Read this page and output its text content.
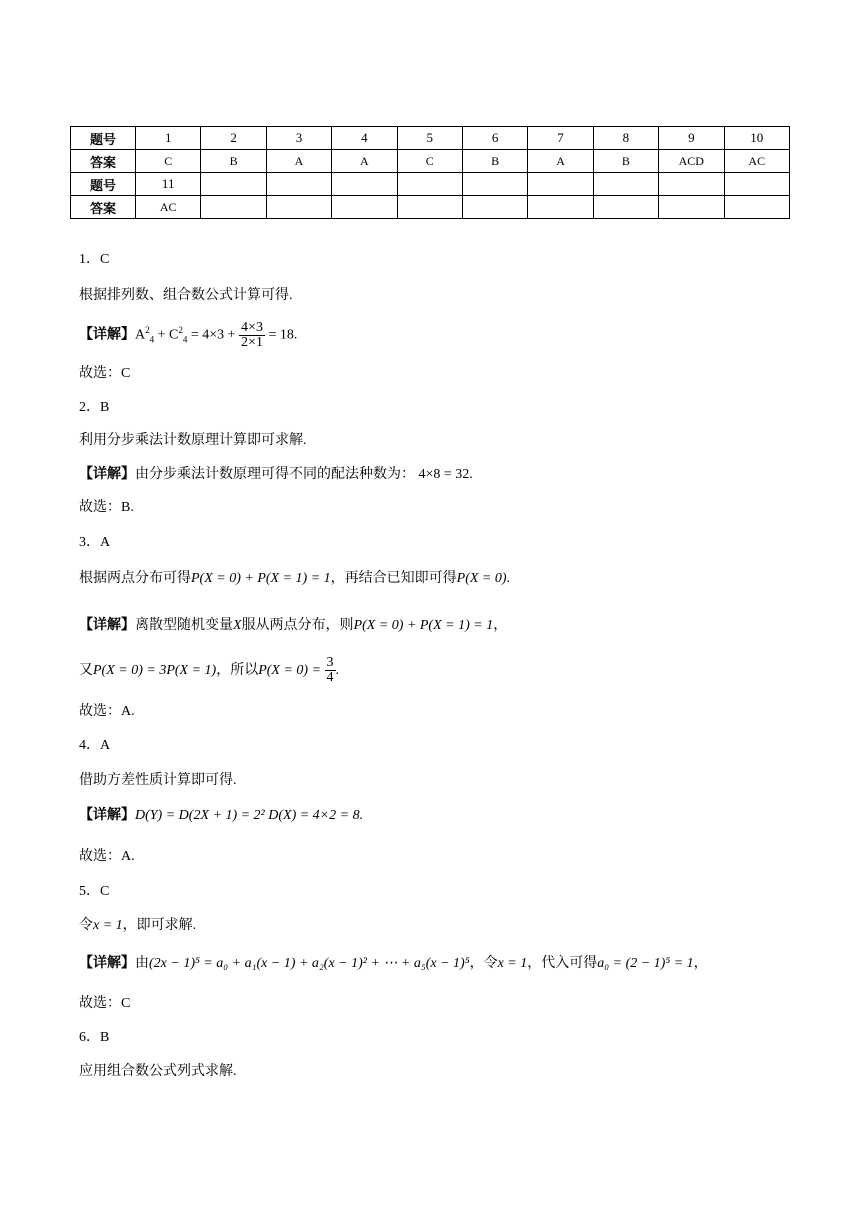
题号	1	2	3	4	5	6	7	8	9	10
答案	C	B	A	A	C	B	A	B	ACD	AC
题号	11									
答案	AC									
1．C
根据排列数、组合数公式计算可得.
【详解】$A^2_4 + C^2_4 = 4\times 3 + \frac{4\times 3}{2\times 1} = 18$.
故选：C
2．B
利用分步乘法计数原理计算即可求解.
【详解】由分步乘法计数原理可得不同的配法种数为： 4×8 = 32.
故选：B.
3．A
根据两点分布可得P(X = 0) + P(X = 1) = 1，再结合已知即可得P(X = 0).
【详解】离散型随机变量X服从两点分布，则P(X = 0) + P(X = 1) = 1，
又P(X = 0) = 3P(X = 1)，所以$P(X = 0) = \frac{3}{4}$ .
故选：A.
4．A
借助方差性质计算即可得.
【详解】D(Y) = D(2X + 1) = 2² D(X) = 4×2 = 8.
故选：A.
5．C
令x = 1，即可求解.
【详解】由(2x − 1)⁵ = a₀ + a₁(x − 1) + a₂(x − 1)² + ⋯ + a₅(x − 1)⁵，令x = 1，代入可得a₀ = (2 − 1)⁵ = 1，
故选：C
6．B
应用组合数公式列式求解.
